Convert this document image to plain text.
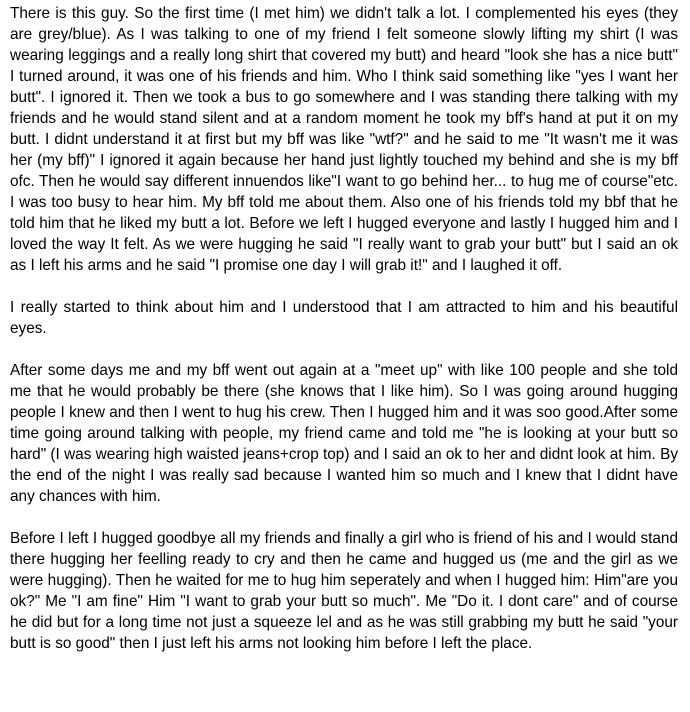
There is this guy. So the first time (I met him) we didn't talk a lot. I complemented his eyes (they are grey/blue). As I was talking to one of my friend I felt someone slowly lifting my shirt (I was wearing leggings and a really long shirt that covered my butt) and heard "look she has a nice butt" I turned around, it was one of his friends and him. Who I think said something like "yes I want her butt". I ignored it. Then we took a bus to go somewhere and I was standing there talking with my friends and he would stand silent and at a random moment he took my bff's hand at put it on my butt. I didnt understand it at first but my bff was like "wtf?" and he said to me "It wasn't me it was her (my bff)" I ignored it again because her hand just lightly touched my behind and she is my bff ofc. Then he would say different innuendos like"I want to go behind her... to hug me of course"etc. I was too busy to hear him. My bff told me about them. Also one of his friends told my bbf that he told him that he liked my butt a lot. Before we left I hugged everyone and lastly I hugged him and I loved the way It felt. As we were hugging he said "I really want to grab your butt" but I said an ok as I left his arms and he said "I promise one day I will grab it!" and I laughed it off.

I really started to think about him and I understood that I am attracted to him and his beautiful eyes.

After some days me and my bff went out again at a "meet up" with like 100 people and she told me that he would probably be there (she knows that I like him). So I was going around hugging people I knew and then I went to hug his crew. Then I hugged him and it was soo good.After some time going around talking with people, my friend came and told me "he is looking at your butt so hard" (I was wearing high waisted jeans+crop top) and I said an ok to her and didnt look at him. By the end of the night I was really sad because I wanted him so much and I knew that I didnt have any chances with him.

Before I left I hugged goodbye all my friends and finally a girl who is friend of his and I would stand there hugging her feelling ready to cry and then he came and hugged us (me and the girl as we were hugging). Then he waited for me to hug him seperately and when I hugged him: Him"are you ok?" Me "I am fine" Him "I want to grab your butt so much". Me "Do it. I dont care" and of course he did but for a long time not just a squeeze lel and as he was still grabbing my butt he said "your butt is so good" then I just left his arms not looking him before I left the place.
